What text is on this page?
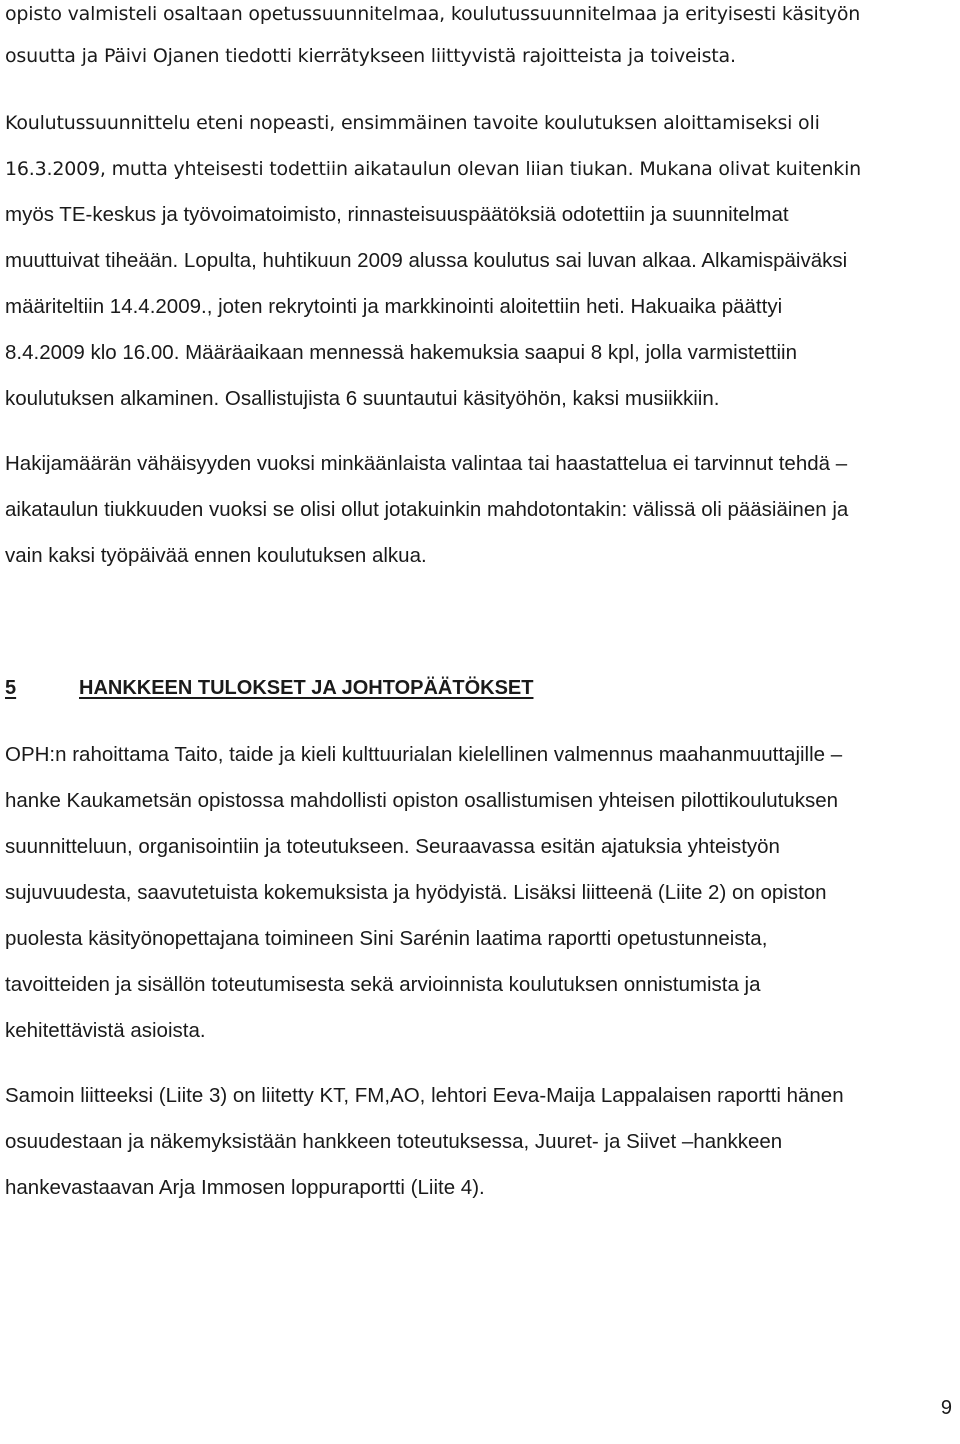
opisto valmisteli osaltaan opetussuunnitelmaa, koulutussuunnitelmaa ja erityisesti käsityön
osuutta ja Päivi Ojanen tiedotti kierrätykseen liittyvistä rajoitteista ja toiveista.
Koulutussuunnittelu eteni nopeasti, ensimmäinen tavoite koulutuksen aloittamiseksi oli
16.3.2009, mutta yhteisesti todettiin aikataulun olevan liian tiukan. Mukana olivat kuitenkin
myös TE-keskus ja työvoimatoimisto, rinnasteisuuspäätöksiä odotettiin ja suunnitelmat
muuttuivat tiheään. Lopulta, huhtikuun 2009 alussa koulutus sai luvan alkaa. Alkamispäiväksi
määriteltiin 14.4.2009., joten rekrytointi ja markkinointi aloitettiin heti. Hakuaika päättyi
8.4.2009 klo 16.00. Määräaikaan mennessä hakemuksia saapui 8 kpl, jolla varmistettiin
koulutuksen alkaminen. Osallistujista 6 suuntautui käsityöhön, kaksi musiikkiin.
Hakijamäärän vähäisyyden vuoksi minkäänlaista valintaa tai haastattelua ei tarvinnut tehdä –
aikataulun tiukkuuden vuoksi se olisi ollut jotakuinkin mahdotontakin: välissä oli pääsiäinen ja
vain kaksi työpäivää ennen koulutuksen alkua.
5	HANKKEEN TULOKSET JA JOHTOPÄÄTÖKSET
OPH:n rahoittama Taito, taide ja kieli kulttuurialan kielellinen valmennus maahanmuuttajille –
hanke Kaukametsän opistossa mahdollisti opiston osallistumisen yhteisen pilottikoulutuksen
suunnitteluun, organisointiin ja toteutukseen. Seuraavassa esitän ajatuksia yhteistyön
sujuvuudesta, saavutetuista kokemuksista ja hyödyistä. Lisäksi liitteenä (Liite 2) on opiston
puolesta käsityönopettajana toimineen Sini Sarénin laatima raportti opetustunneista,
tavoitteiden ja sisällön toteutumisesta sekä arvioinnista koulutuksen onnistumista ja
kehitettävistä asioista.
Samoin liitteeksi (Liite 3) on liitetty KT, FM,AO, lehtori Eeva-Maija Lappalaisen raportti hänen
osuudestaan ja näkemyksistään hankkeen toteutuksessa, Juuret- ja Siivet –hankkeen
hankevastaavan Arja Immosen loppuraportti (Liite 4).
9
